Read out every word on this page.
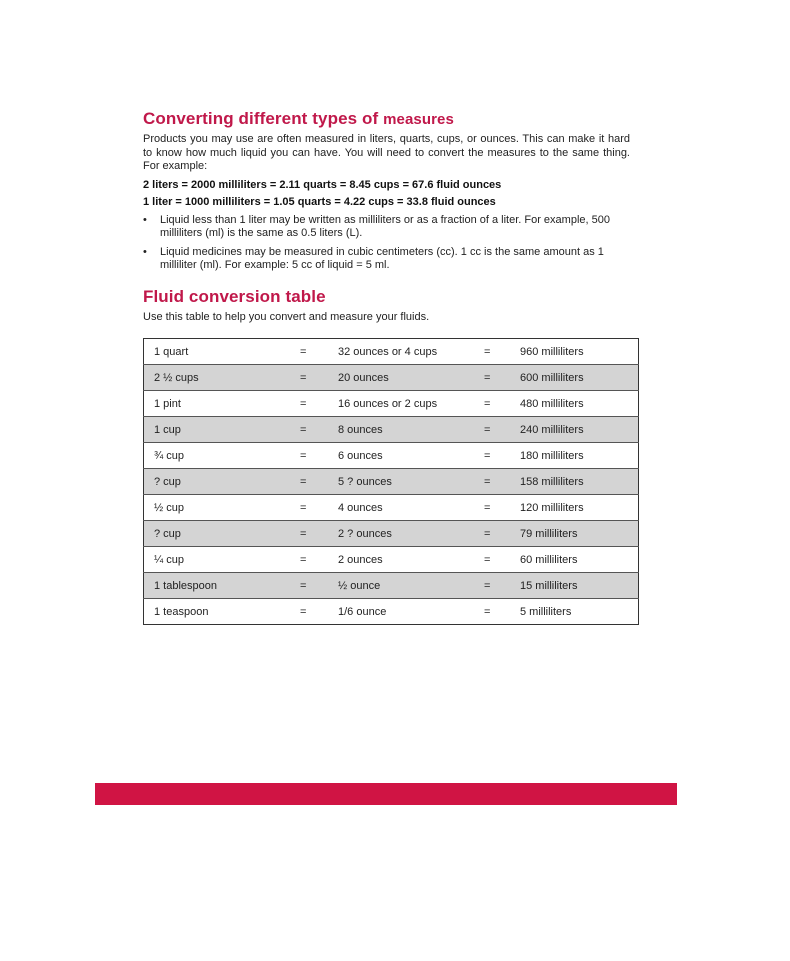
Converting different types of measures

Products you may use are often measured in liters, quarts, cups, or ounces. This can make it hard to know how much liquid you can have. You will need to convert the measures to the same thing. For example:

2 liters = 2000 milliliters = 2.11 quarts = 8.45 cups = 67.6 fluid ounces

1 liter = 1000 milliliters = 1.05 quarts = 4.22 cups = 33.8 fluid ounces

• Liquid less than 1 liter may be written as milliliters or as a fraction of a liter. For example, 500 milliliters (ml) is the same as 0.5 liters (L).
• Liquid medicines may be measured in cubic centimeters (cc). 1 cc is the same amount as 1 milliliter (ml). For example: 5 cc of liquid = 5 ml.
Fluid conversion table

Use this table to help you convert and measure your fluids.

1 quart	=	32 ounces or 4 cups	=	960 milliliters
2 ½ cups	=	20 ounces	=	600 milliliters
1 pint	=	16 ounces or 2 cups	=	480 milliliters
1 cup	=	8 ounces	=	240 milliliters
¾ cup	=	6 ounces	=	180 milliliters
? cup	=	5 ? ounces	=	158 milliliters
½ cup	=	4 ounces	=	120 milliliters
? cup	=	2 ? ounces	=	79 milliliters
¼ cup	=	2 ounces	=	60 milliliters
1 tablespoon	=	½ ounce	=	15 milliliters
1 teaspoon	=	1/6 ounce	=	5 milliliters
